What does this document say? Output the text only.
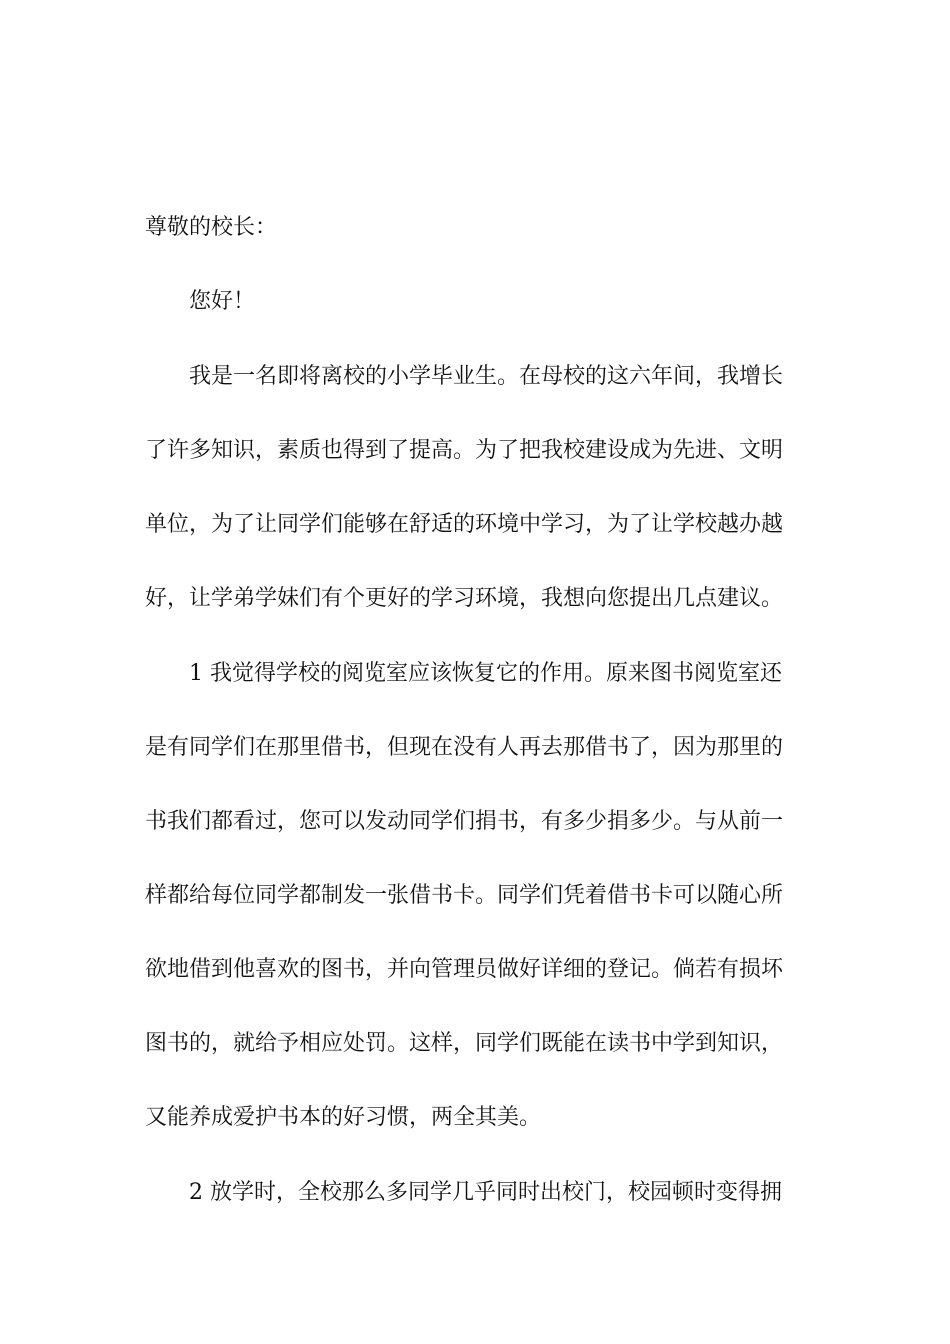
尊敬的校长：
您好！
我是一名即将离校的小学毕业生。在母校的这六年间，我增长
了许多知识，素质也得到了提高。为了把我校建设成为先进、文明
单位，为了让同学们能够在舒适的环境中学习，为了让学校越办越
好，让学弟学妹们有个更好的学习环境，我想向您提出几点建议。
1 我觉得学校的阅览室应该恢复它的作用。原来图书阅览室还
是有同学们在那里借书，但现在没有人再去那借书了，因为那里的
书我们都看过，您可以发动同学们捐书，有多少捐多少。与从前一
样都给每位同学都制发一张借书卡。同学们凭着借书卡可以随心所
欲地借到他喜欢的图书，并向管理员做好详细的登记。倘若有损坏
图书的，就给予相应处罚。这样，同学们既能在读书中学到知识，
又能养成爱护书本的好习惯，两全其美。
2 放学时，全校那么多同学几乎同时出校门，校园顿时变得拥
